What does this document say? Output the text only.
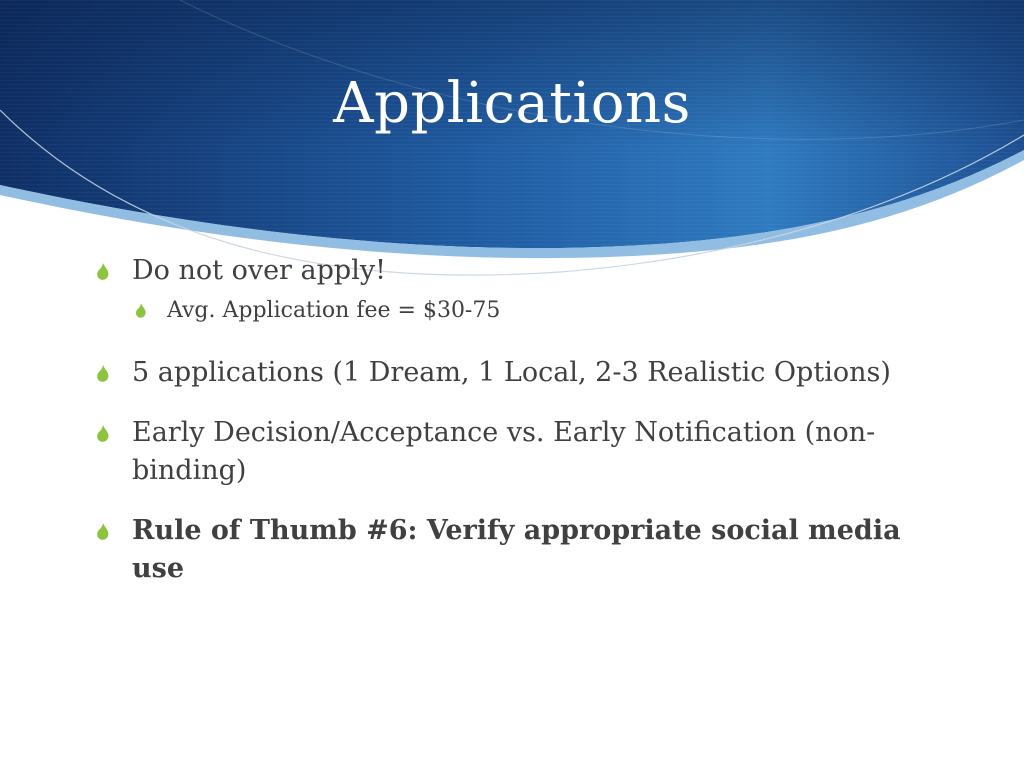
Applications
Do not over apply!
Avg. Application fee = $30-75
5 applications (1 Dream, 1 Local, 2-3 Realistic Options)
Early Decision/Acceptance vs. Early Notification (non-binding)
Rule of Thumb #6: Verify appropriate social media use
